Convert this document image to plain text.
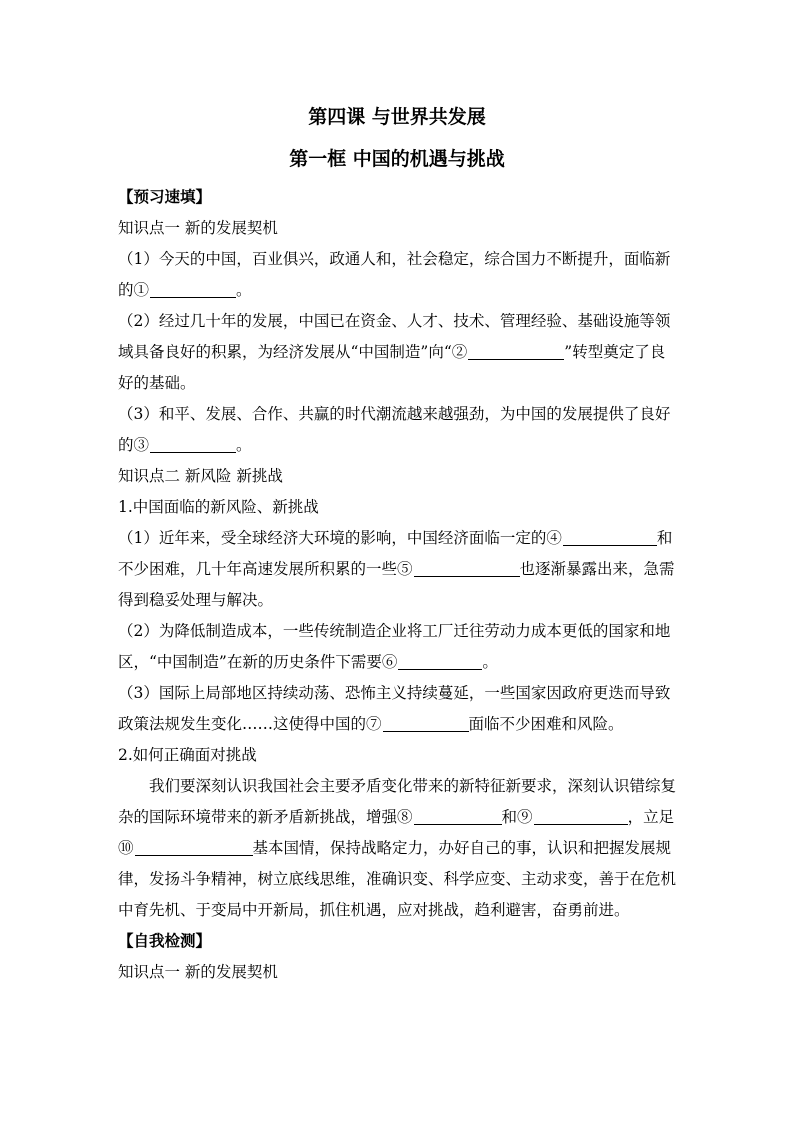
第四课 与世界共发展
第一框 中国的机遇与挑战

【预习速填】

知识点一 新的发展契机

（1）今天的中国，百业俱兴，政通人和，社会稳定，综合国力不断提升，面临新的①	。

（2）经过几十年的发展，中国已在资金、人才、技术、管理经验、基础设施等领域具备良好的积累，为经济发展从“中国制造”向“②	”转型奠定了良好的基础。

（3）和平、发展、合作、共赢的时代潮流越来越强劲，为中国的发展提供了良好的③	。

知识点二 新风险 新挑战

1.中国面临的新风险、新挑战

（1）近年来，受全球经济大环境的影响，中国经济面临一定的④	和不少困难，几十年高速发展所积累的一些⑤	也逐渐暴露出来，急需得到稳妥处理与解决。

（2）为降低制造成本，一些传统制造企业将工厂迁往劳动力成本更低的国家和地区，“中国制造”在新的历史条件下需要⑥	。

（3）国际上局部地区持续动荡、恐怖主义持续蔓延，一些国家因政府更迭而导致政策法规发生变化……这使得中国的⑦	面临不少困难和风险。

2.如何正确面对挑战

我们要深刻认识我国社会主要矛盾变化带来的新特征新要求，深刻认识错综复杂的国际环境带来的新矛盾新挑战，增强⑧	和⑨	，立足⑩	基本国情，保持战略定力，办好自己的事，认识和把握发展规律，发扬斗争精神，树立底线思维，准确识变、科学应变、主动求变，善于在危机中育先机、于变局中开新局，抓住机遇，应对挑战，趋利避害，奋勇前进。

【自我检测】

知识点一 新的发展契机
